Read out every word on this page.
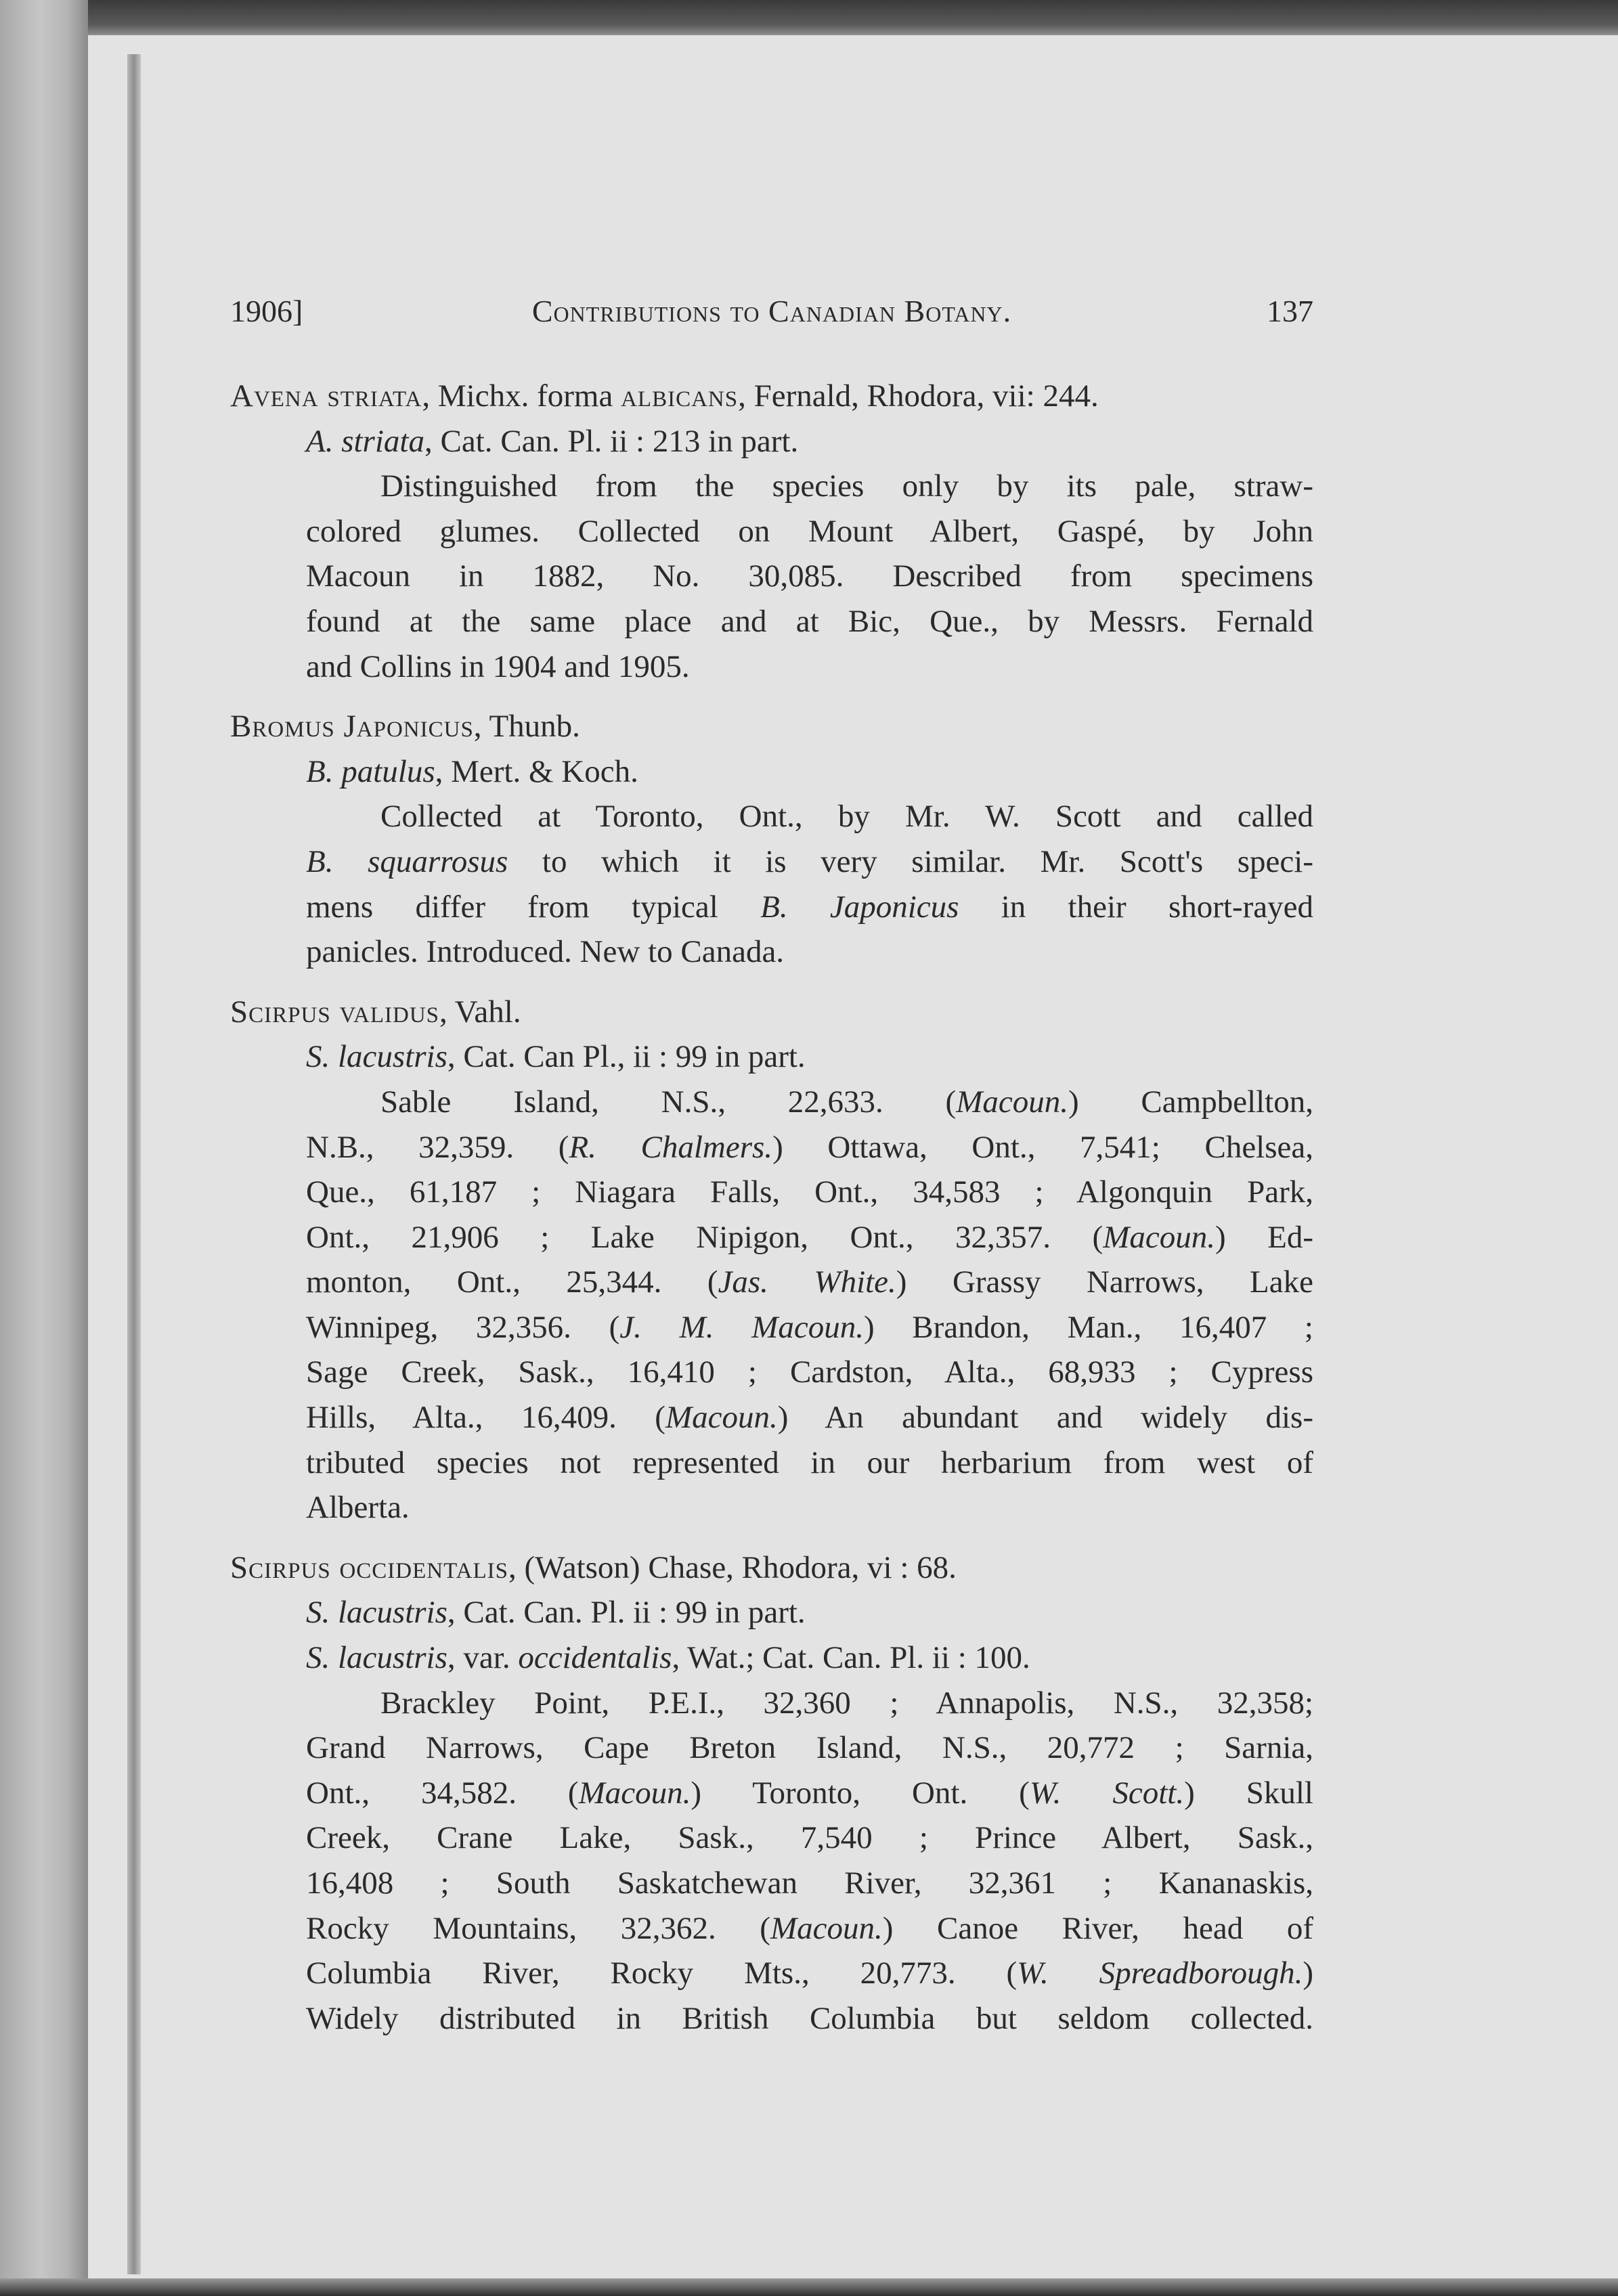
1906]	Contributions to Canadian Botany.	137
Avena striata, Michx. forma albicans, Fernald, Rhodora, vii: 244.
A. striata, Cat. Can. Pl. ii : 213 in part.
Distinguished from the species only by its pale, straw-
colored glumes. Collected on Mount Albert, Gaspé, by John
Macoun in 1882, No. 30,085. Described from specimens
found at the same place and at Bic, Que., by Messrs. Fernald
and Collins in 1904 and 1905.
Bromus Japonicus, Thunb.
B. patulus, Mert. & Koch.
Collected at Toronto, Ont., by Mr. W. Scott and called
B. squarrosus to which it is very similar. Mr. Scott's speci-
mens differ from typical B. Japonicus in their short-rayed
panicles. Introduced. New to Canada.
Scirpus validus, Vahl.
S. lacustris, Cat. Can Pl., ii : 99 in part.
Sable Island, N.S., 22,633. (Macoun.) Campbellton,
N.B., 32,359. (R. Chalmers.) Ottawa, Ont., 7,541; Chelsea,
Que., 61,187 ; Niagara Falls, Ont., 34,583 ; Algonquin Park,
Ont., 21,906 ; Lake Nipigon, Ont., 32,357. (Macoun.) Ed-
monton, Ont., 25,344. (Jas. White.) Grassy Narrows, Lake
Winnipeg, 32,356. (J. M. Macoun.) Brandon, Man., 16,407 ;
Sage Creek, Sask., 16,410 ; Cardston, Alta., 68,933 ; Cypress
Hills, Alta., 16,409. (Macoun.) An abundant and widely dis-
tributed species not represented in our herbarium from west of
Alberta.
Scirpus occidentalis, (Watson) Chase, Rhodora, vi : 68.
S. lacustris, Cat. Can. Pl. ii : 99 in part.
S. lacustris, var. occidentalis, Wat.; Cat. Can. Pl. ii : 100.
Brackley Point, P.E.I., 32,360 ; Annapolis, N.S., 32,358;
Grand Narrows, Cape Breton Island, N.S., 20,772 ; Sarnia,
Ont., 34,582. (Macoun.) Toronto, Ont. (W. Scott.) Skull
Creek, Crane Lake, Sask., 7,540 ; Prince Albert, Sask.,
16,408 ; South Saskatchewan River, 32,361 ; Kananaskis,
Rocky Mountains, 32,362. (Macoun.) Canoe River, head of
Columbia River, Rocky Mts., 20,773. (W. Spreadborough.)
Widely distributed in British Columbia but seldom collected.
